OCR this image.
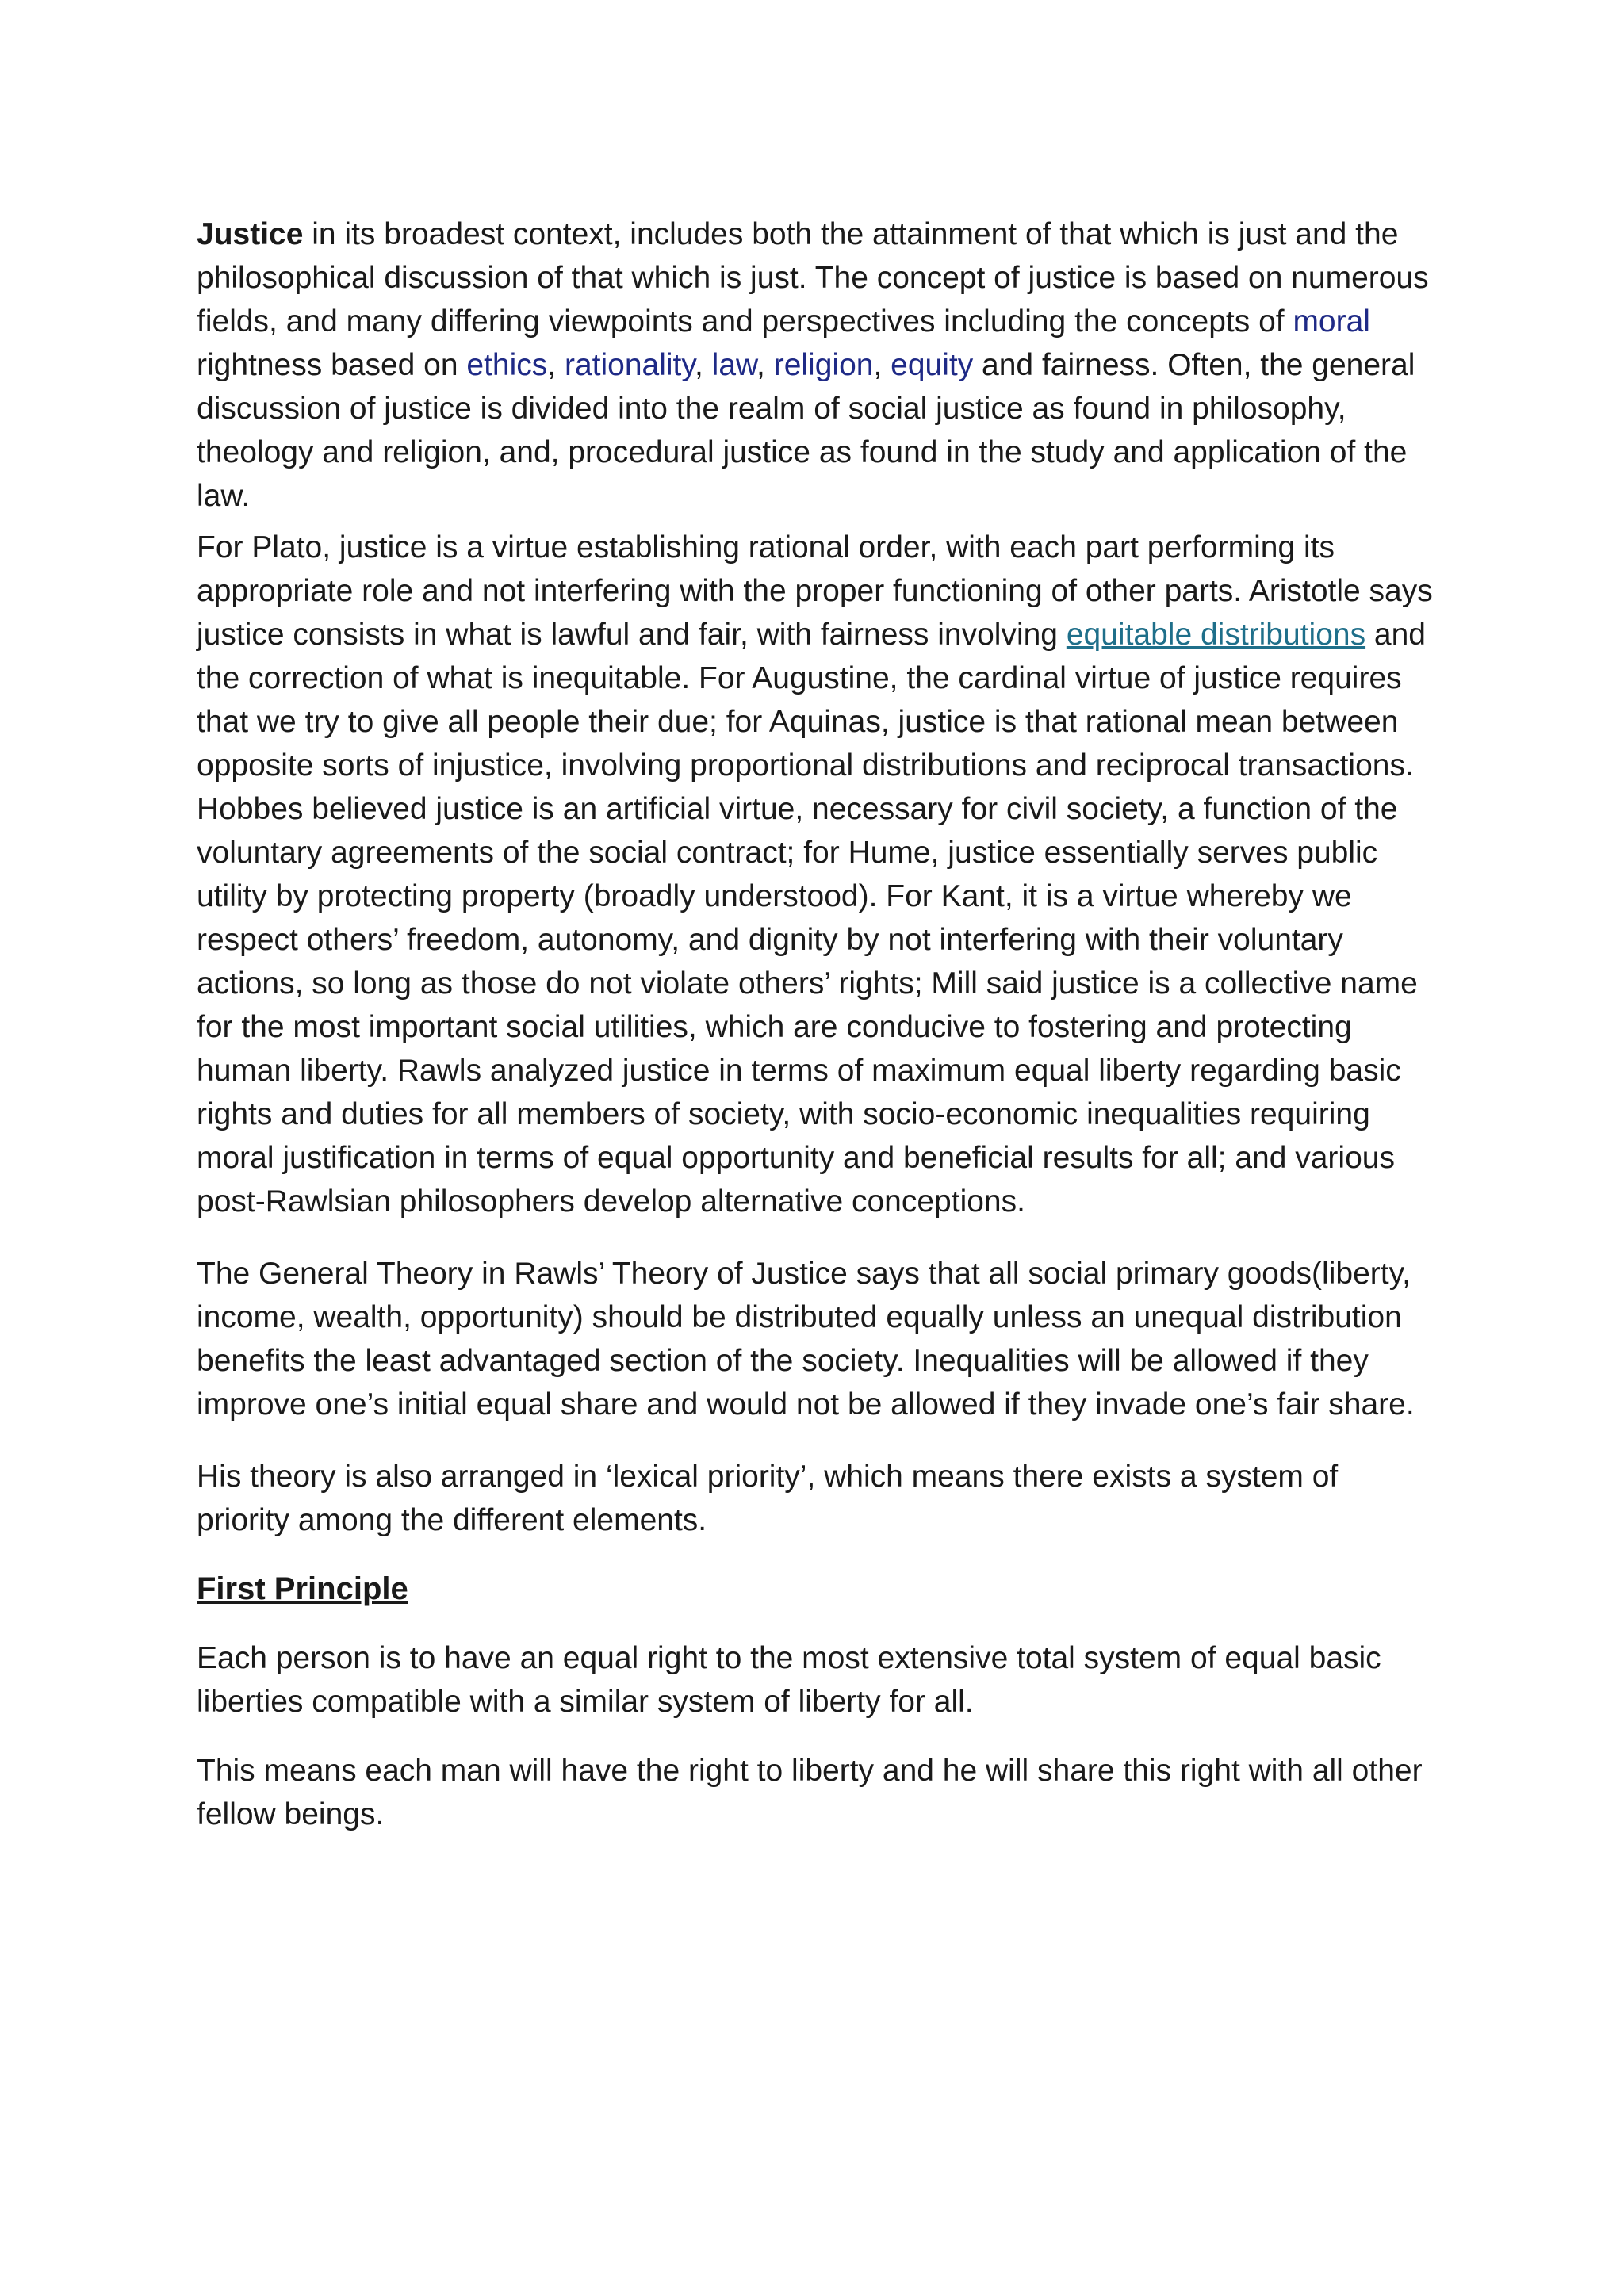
Justice in its broadest context, includes both the attainment of that which is just and the philosophical discussion of that which is just. The concept of justice is based on numerous fields, and many differing viewpoints and perspectives including the concepts of moral rightness based on ethics, rationality, law, religion, equity and fairness. Often, the general discussion of justice is divided into the realm of social justice as found in philosophy, theology and religion, and, procedural justice as found in the study and application of the law.

For Plato, justice is a virtue establishing rational order, with each part performing its appropriate role and not interfering with the proper functioning of other parts. Aristotle says justice consists in what is lawful and fair, with fairness involving equitable distributions and the correction of what is inequitable. For Augustine, the cardinal virtue of justice requires that we try to give all people their due; for Aquinas, justice is that rational mean between opposite sorts of injustice, involving proportional distributions and reciprocal transactions. Hobbes believed justice is an artificial virtue, necessary for civil society, a function of the voluntary agreements of the social contract; for Hume, justice essentially serves public utility by protecting property (broadly understood). For Kant, it is a virtue whereby we respect others’ freedom, autonomy, and dignity by not interfering with their voluntary actions, so long as those do not violate others’ rights; Mill said justice is a collective name for the most important social utilities, which are conducive to fostering and protecting human liberty. Rawls analyzed justice in terms of maximum equal liberty regarding basic rights and duties for all members of society, with socio-economic inequalities requiring moral justification in terms of equal opportunity and beneficial results for all; and various post-Rawlsian philosophers develop alternative conceptions.

The General Theory in Rawls’ Theory of Justice says that all social primary goods(liberty, income, wealth, opportunity) should be distributed equally unless an unequal distribution benefits the least advantaged section of the society. Inequalities will be allowed if they improve one’s initial equal share and would not be allowed if they invade one’s fair share.

His theory is also arranged in ‘lexical priority’, which means there exists a system of priority among the different elements.

First Principle

Each person is to have an equal right to the most extensive total system of equal basic liberties compatible with a similar system of liberty for all.

This means each man will have the right to liberty and he will share this right with all other fellow beings.
